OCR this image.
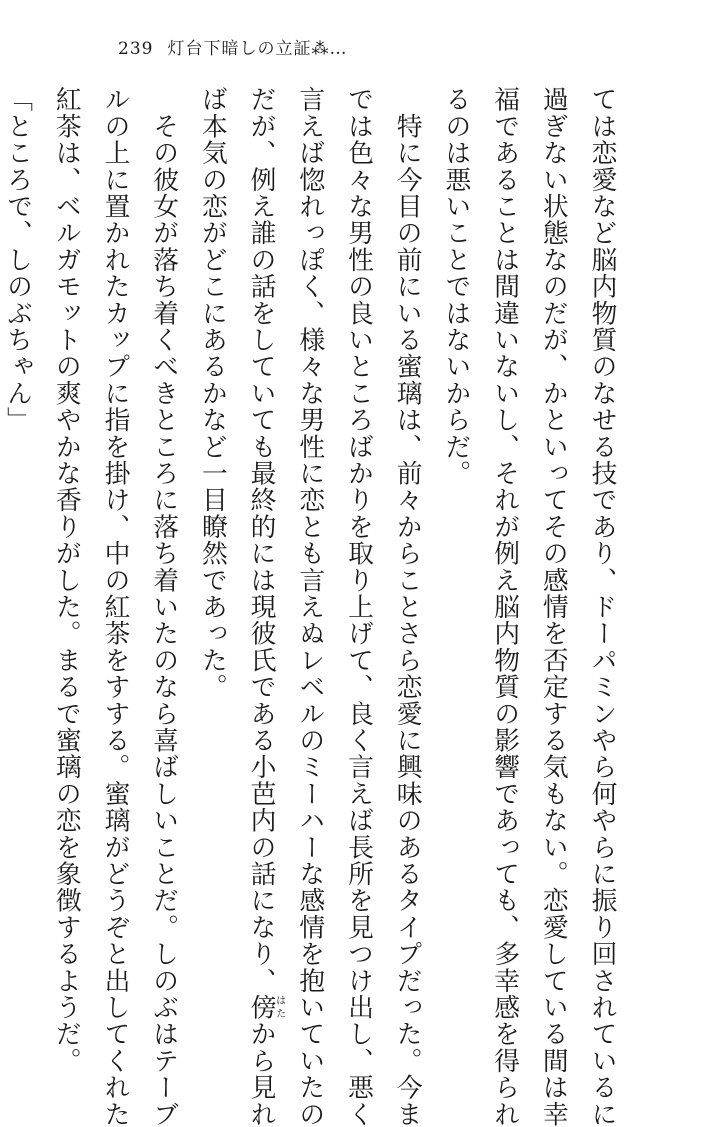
239 灯台下暗しの立証⁂…
ては恋愛など脳内物質のなせる技であり、ドーパミンやら何やらに振り回されているに
過ぎない状態なのだが、かといってその感情を否定する気もない。恋愛している間は幸
福であることは間違いないし、それが例え脳内物質の影響であっても、多幸感を得られ
るのは悪いことではないからだ。
　特に今目の前にいる蜜璃は、前々からことさら恋愛に興味のあるタイプだった。今ま
では色々な男性の良いところばかりを取り上げて、良く言えば長所を見つけ出し、悪く
言えば惚れっぽく、様々な男性に恋とも言えぬレベルのミーハーな感情を抱いていたの
だが、例え誰の話をしていても最終的には現彼氏である小芭内の話になり、傍はたから見れ
ば本気の恋がどこにあるかなど一目瞭然であった。
　その彼女が落ち着くべきところに落ち着いたのなら喜ばしいことだ。しのぶはテーブ
ルの上に置かれたカップに指を掛け、中の紅茶をすする。蜜璃がどうぞと出してくれた
紅茶は、ベルガモットの爽やかな香りがした。まるで蜜璃の恋を象徴するようだ。
「ところで、しのぶちゃん」
